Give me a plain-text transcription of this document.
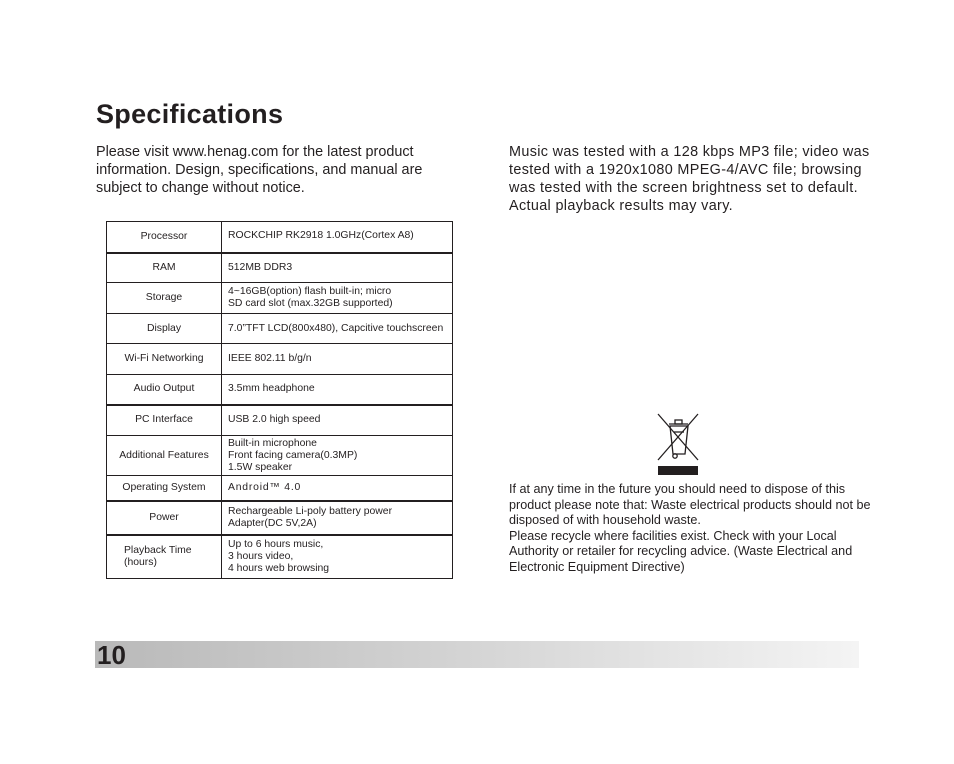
Specifications

Please visit www.henag.com for the latest product information. Design, specifications, and manual are subject to change without notice.

Music was tested with a 128 kbps MP3 file; video was tested with a 1920x1080 MPEG-4/AVC file; browsing was tested with the screen brightness set to default. Actual playback results may vary.

Processor	ROCKCHIP RK2918 1.0GHz(Cortex A8)

RAM	512MB DDR3

Storage	4~16GB(option) flash built-in; micro
SD card slot (max.32GB supported)

Display	7.0”TFT LCD(800x480), Capcitive touchscreen

Wi-Fi Networking	IEEE 802.11 b/g/n

Audio Output	3.5mm headphone

PC Interface	USB 2.0 high speed

Additional Features	Built-in microphone
Front facing camera(0.3MP)
1.5W speaker

Operating System	Android™ 4.0

Power	Rechargeable Li-poly battery power
Adapter(DC 5V,2A)

Playback Time (hours)	Up to 6 hours music,
3 hours video,
4 hours web browsing
If at any time in the future you should need to dispose of this product please note that: Waste electrical products should not be disposed of with household waste.
Please recycle where facilities exist. Check with your Local Authority or retailer for recycling advice. (Waste Electrical and Electronic Equipment Directive)
10
